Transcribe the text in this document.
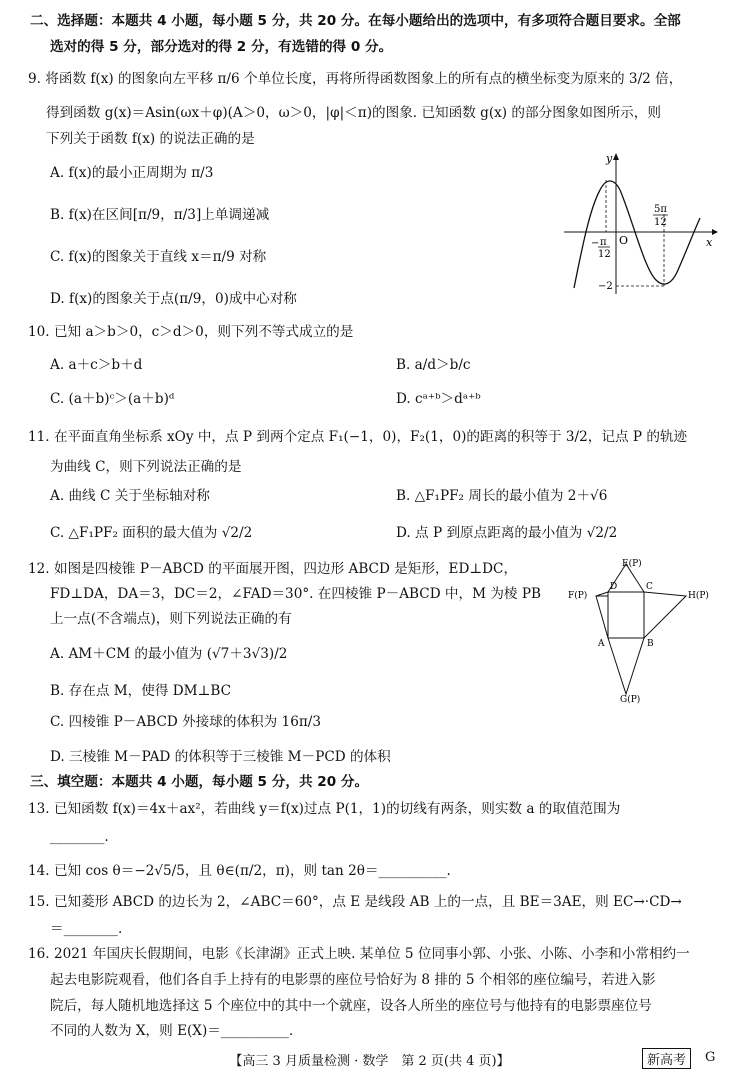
二、选择题：本题共 4 小题，每小题 5 分，共 20 分。在每小题给出的选项中，有多项符合题目要求。全部
选对的得 5 分，部分选对的得 2 分，有选错的得 0 分。
9. 将函数 f(x) 的图象向左平移 π/6 个单位长度，再将所得函数图象上的所有点的横坐标变为原来的 3/2 倍，
得到函数 g(x)＝Asin(ωx＋φ)(A＞0，ω＞0，|φ|＜π)的图象. 已知函数 g(x) 的部分图象如图所示，则
下列关于函数 f(x) 的说法正确的是
A. f(x)的最小正周期为 π/3
B. f(x)在区间[π/9，π/3]上单调递减
C. f(x)的图象关于直线 x＝π/9 对称
D. f(x)的图象关于点(π/9，0)成中心对称
y
x
O
− π
12
5π
12
−2
10. 已知 a＞b＞0，c＞d＞0，则下列不等式成立的是
A. a＋c＞b＋d	B. a/d＞b/c
C. (a＋b)ᶜ＞(a＋b)ᵈ	D. cᵃ⁺ᵇ＞dᵃ⁺ᵇ
11. 在平面直角坐标系 xOy 中，点 P 到两个定点 F₁(−1，0)，F₂(1，0)的距离的积等于 3/2，记点 P 的轨迹
为曲线 C，则下列说法正确的是
A. 曲线 C 关于坐标轴对称	B. △F₁PF₂ 周长的最小值为 2＋√6
C. △F₁PF₂ 面积的最大值为 √2/2	D. 点 P 到原点距离的最小值为 √2/2
12. 如图是四棱锥 P－ABCD 的平面展开图，四边形 ABCD 是矩形，ED⊥DC，
FD⊥DA，DA＝3，DC＝2，∠FAD＝30°. 在四棱锥 P－ABCD 中，M 为棱 PB
上一点(不含端点)，则下列说法正确的有
A. AM＋CM 的最小值为 (√7＋3√3)/2
B. 存在点 M，使得 DM⊥BC
C. 四棱锥 P－ABCD 外接球的体积为 16π/3
D. 三棱锥 M－PAD 的体积等于三棱锥 M－PCD 的体积
E(P)
F(P)	H(P)
G(P)
D	C
A	B
三、填空题：本题共 4 小题，每小题 5 分，共 20 分。
13. 已知函数 f(x)＝4x＋ax²，若曲线 y＝f(x)过点 P(1，1)的切线有两条，则实数 a 的取值范围为
________.
14. 已知 cos θ＝−2√5/5，且 θ∈(π/2，π)，则 tan 2θ＝__________.
15. 已知菱形 ABCD 的边长为 2，∠ABC＝60°，点 E 是线段 AB 上的一点，且 BE＝3AE，则 EC→·CD→
＝________.
16. 2021 年国庆长假期间，电影《长津湖》正式上映. 某单位 5 位同事小郭、小张、小陈、小李和小常相约一
起去电影院观看，他们各自手上持有的电影票的座位号恰好为 8 排的 5 个相邻的座位编号，若进入影
院后，每人随机地选择这 5 个座位中的其中一个就座，设各人所坐的座位号与他持有的电影票座位号
不同的人数为 X，则 E(X)＝__________.
【高三 3 月质量检测 · 数学　第 2 页(共 4 页)】	新高考	G
